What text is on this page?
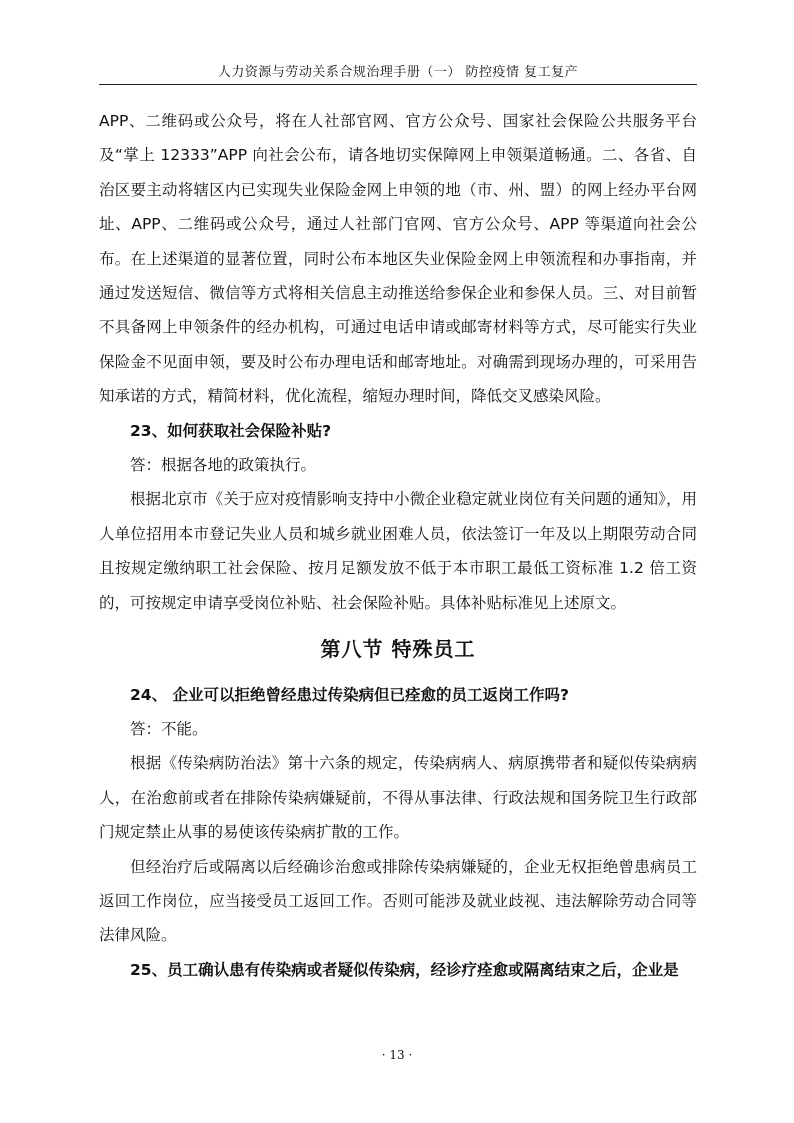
人力资源与劳动关系合规治理手册（一） 防控疫情 复工复产

APP、二维码或公众号，将在人社部官网、官方公众号、国家社会保险公共服务平台及“掌上 12333”APP 向社会公布，请各地切实保障网上申领渠道畅通。二、各省、自治区要主动将辖区内已实现失业保险金网上申领的地（市、州、盟）的网上经办平台网址、APP、二维码或公众号，通过人社部门官网、官方公众号、APP 等渠道向社会公布。在上述渠道的显著位置，同时公布本地区失业保险金网上申领流程和办事指南，并通过发送短信、微信等方式将相关信息主动推送给参保企业和参保人员。三、对目前暂不具备网上申领条件的经办机构，可通过电话申请或邮寄材料等方式，尽可能实行失业保险金不见面申领，要及时公布办理电话和邮寄地址。对确需到现场办理的，可采用告知承诺的方式，精简材料，优化流程，缩短办理时间，降低交叉感染风险。

23、如何获取社会保险补贴?

答：根据各地的政策执行。

根据北京市《关于应对疫情影响支持中小微企业稳定就业岗位有关问题的通知》，用人单位招用本市登记失业人员和城乡就业困难人员，依法签订一年及以上期限劳动合同且按规定缴纳职工社会保险、按月足额发放不低于本市职工最低工资标准 1.2 倍工资的，可按规定申请享受岗位补贴、社会保险补贴。具体补贴标准见上述原文。

第八节 特殊员工

24、 企业可以拒绝曾经患过传染病但已痊愈的员工返岗工作吗?

答：不能。

根据《传染病防治法》第十六条的规定，传染病病人、病原携带者和疑似传染病病人，在治愈前或者在排除传染病嫌疑前，不得从事法律、行政法规和国务院卫生行政部门规定禁止从事的易使该传染病扩散的工作。

但经治疗后或隔离以后经确诊治愈或排除传染病嫌疑的，企业无权拒绝曾患病员工返回工作岗位，应当接受员工返回工作。否则可能涉及就业歧视、违法解除劳动合同等法律风险。

25、员工确认患有传染病或者疑似传染病，经诊疗痊愈或隔离结束之后，企业是

· 13 ·
